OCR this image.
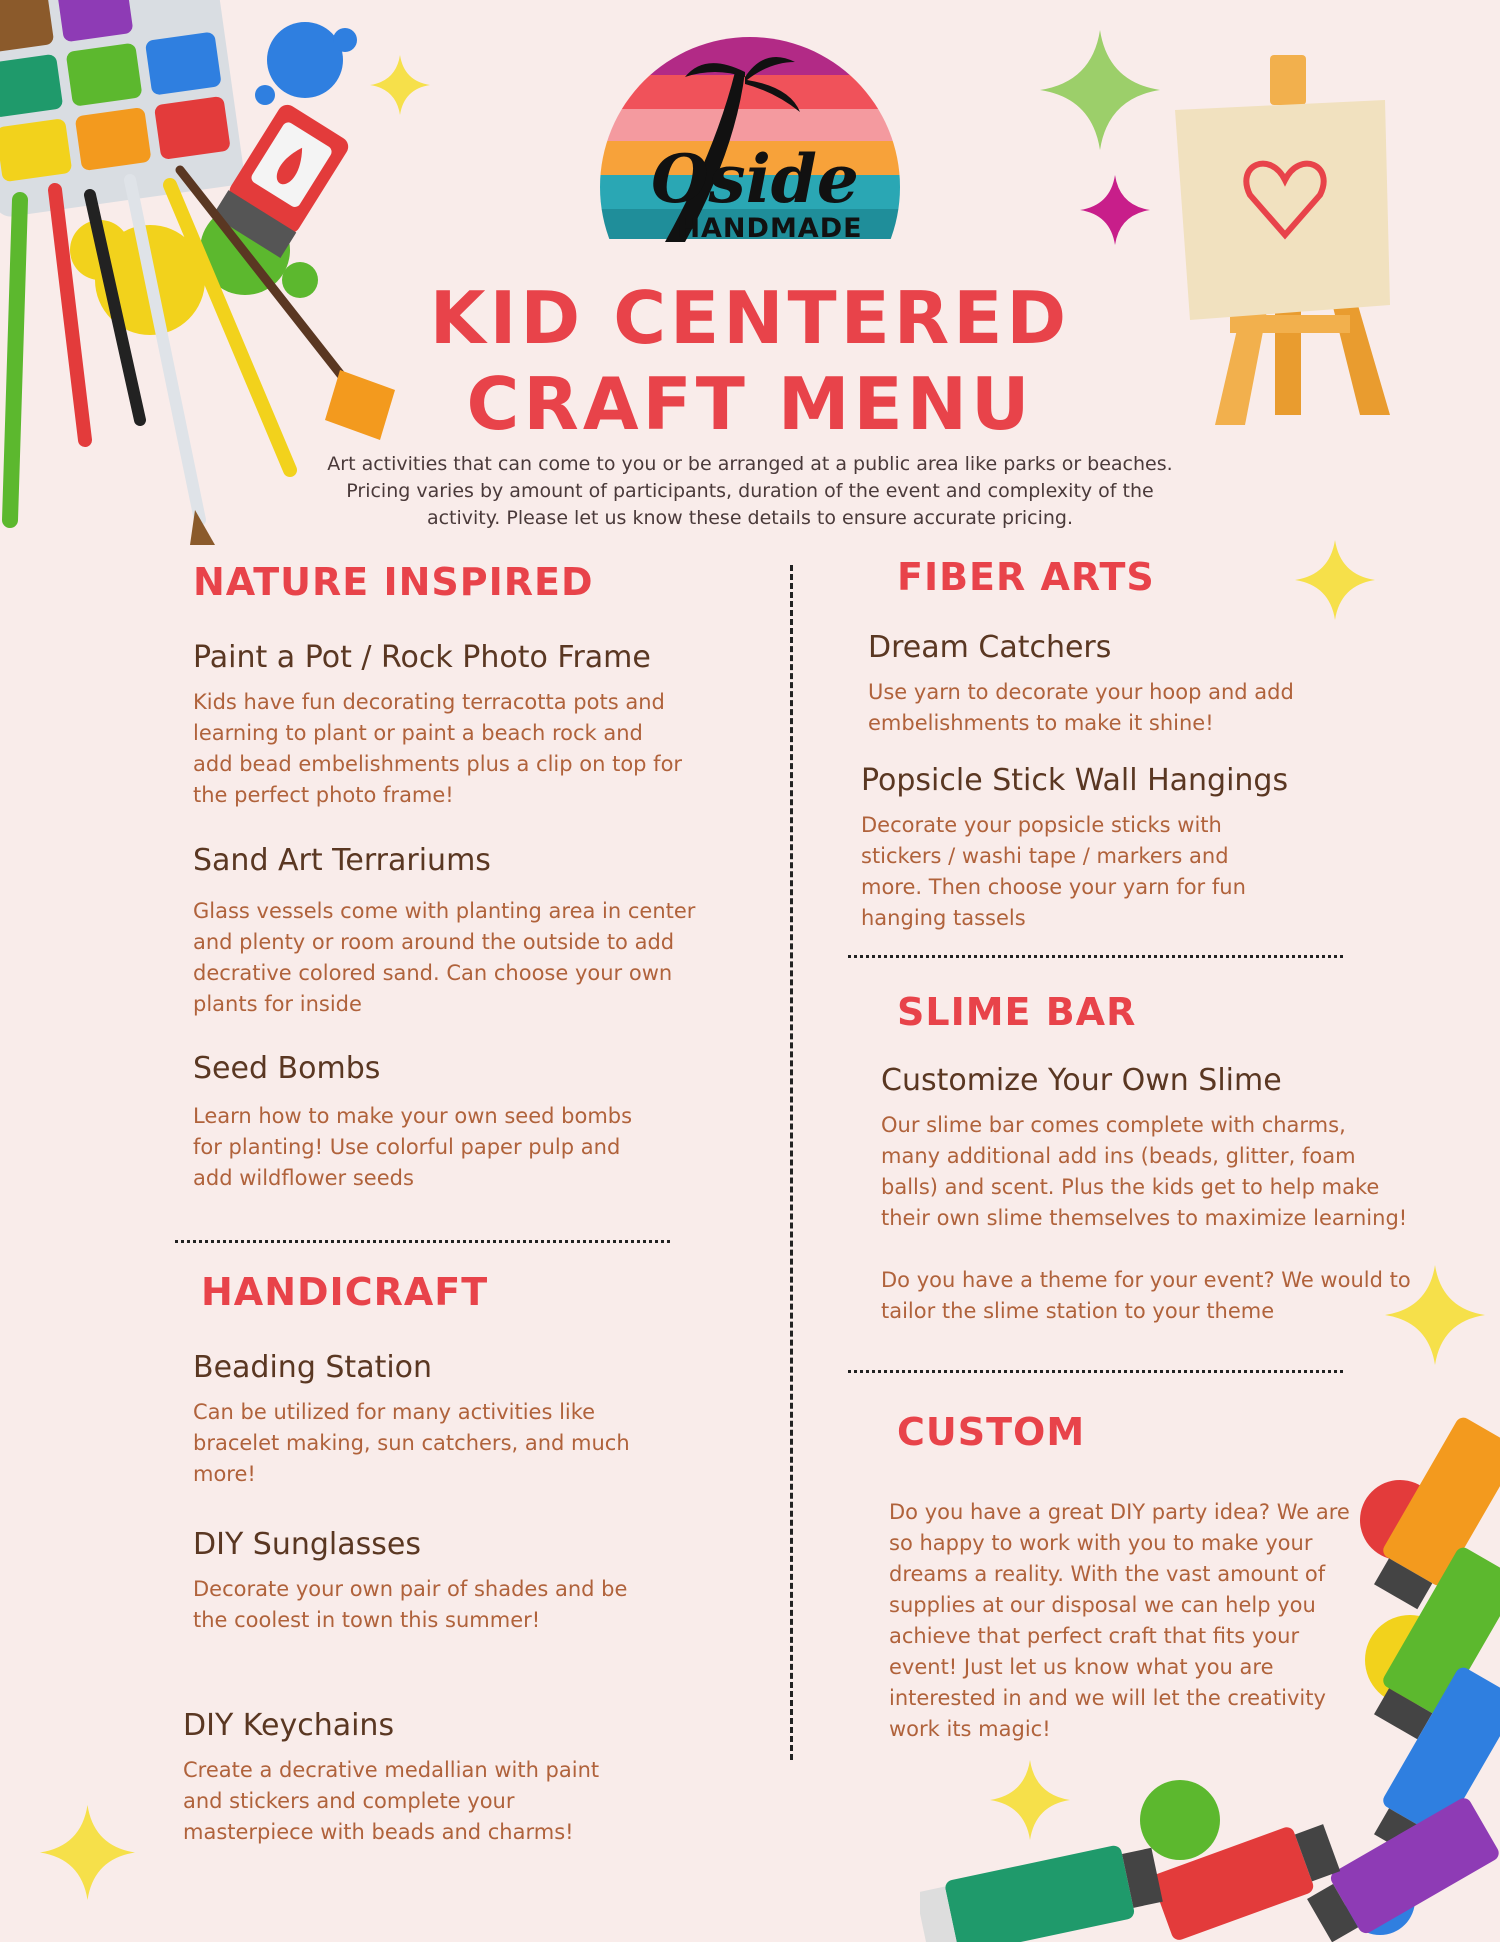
Oside
HANDMADE
KID CENTERED
CRAFT MENU
Art activities that can come to you or be arranged at a public area like parks or beaches. Pricing varies by amount of participants, duration of the event and complexity of the activity. Please let us know these details to ensure accurate pricing.
NATURE INSPIRED
Paint a Pot / Rock Photo Frame
Kids have fun decorating terracotta pots and learning to plant or paint a beach rock and add bead embelishments plus a clip on top for the perfect photo frame!
Sand Art Terrariums
Glass vessels come with planting area in center and plenty or room around the outside to add decrative colored sand. Can choose your own plants for inside
Seed Bombs
Learn how to make your own seed bombs for planting! Use colorful paper pulp and add wildflower seeds
HANDICRAFT
Beading Station
Can be utilized for many activities like bracelet making, sun catchers, and much more!
DIY Sunglasses
Decorate your own pair of shades and be the coolest in town this summer!
DIY Keychains
Create a decrative medallian with paint and stickers and complete your masterpiece with beads and charms!
FIBER ARTS
Dream Catchers
Use yarn to decorate your hoop and add embelishments to make it shine!
Popsicle Stick Wall Hangings
Decorate your popsicle sticks with stickers / washi tape / markers and more. Then choose your yarn for fun hanging tassels
SLIME BAR
Customize Your Own Slime
Our slime bar comes complete with charms, many additional add ins (beads, glitter, foam balls) and scent. Plus the kids get to help make their own slime themselves to maximize learning!
Do you have a theme for your event? We would to tailor the slime station to your theme
CUSTOM
Do you have a great DIY party idea? We are so happy to work with you to make your dreams a reality. With the vast amount of supplies at our disposal we can help you achieve that perfect craft that fits your event! Just let us know what you are interested in and we will let the creativity work its magic!
